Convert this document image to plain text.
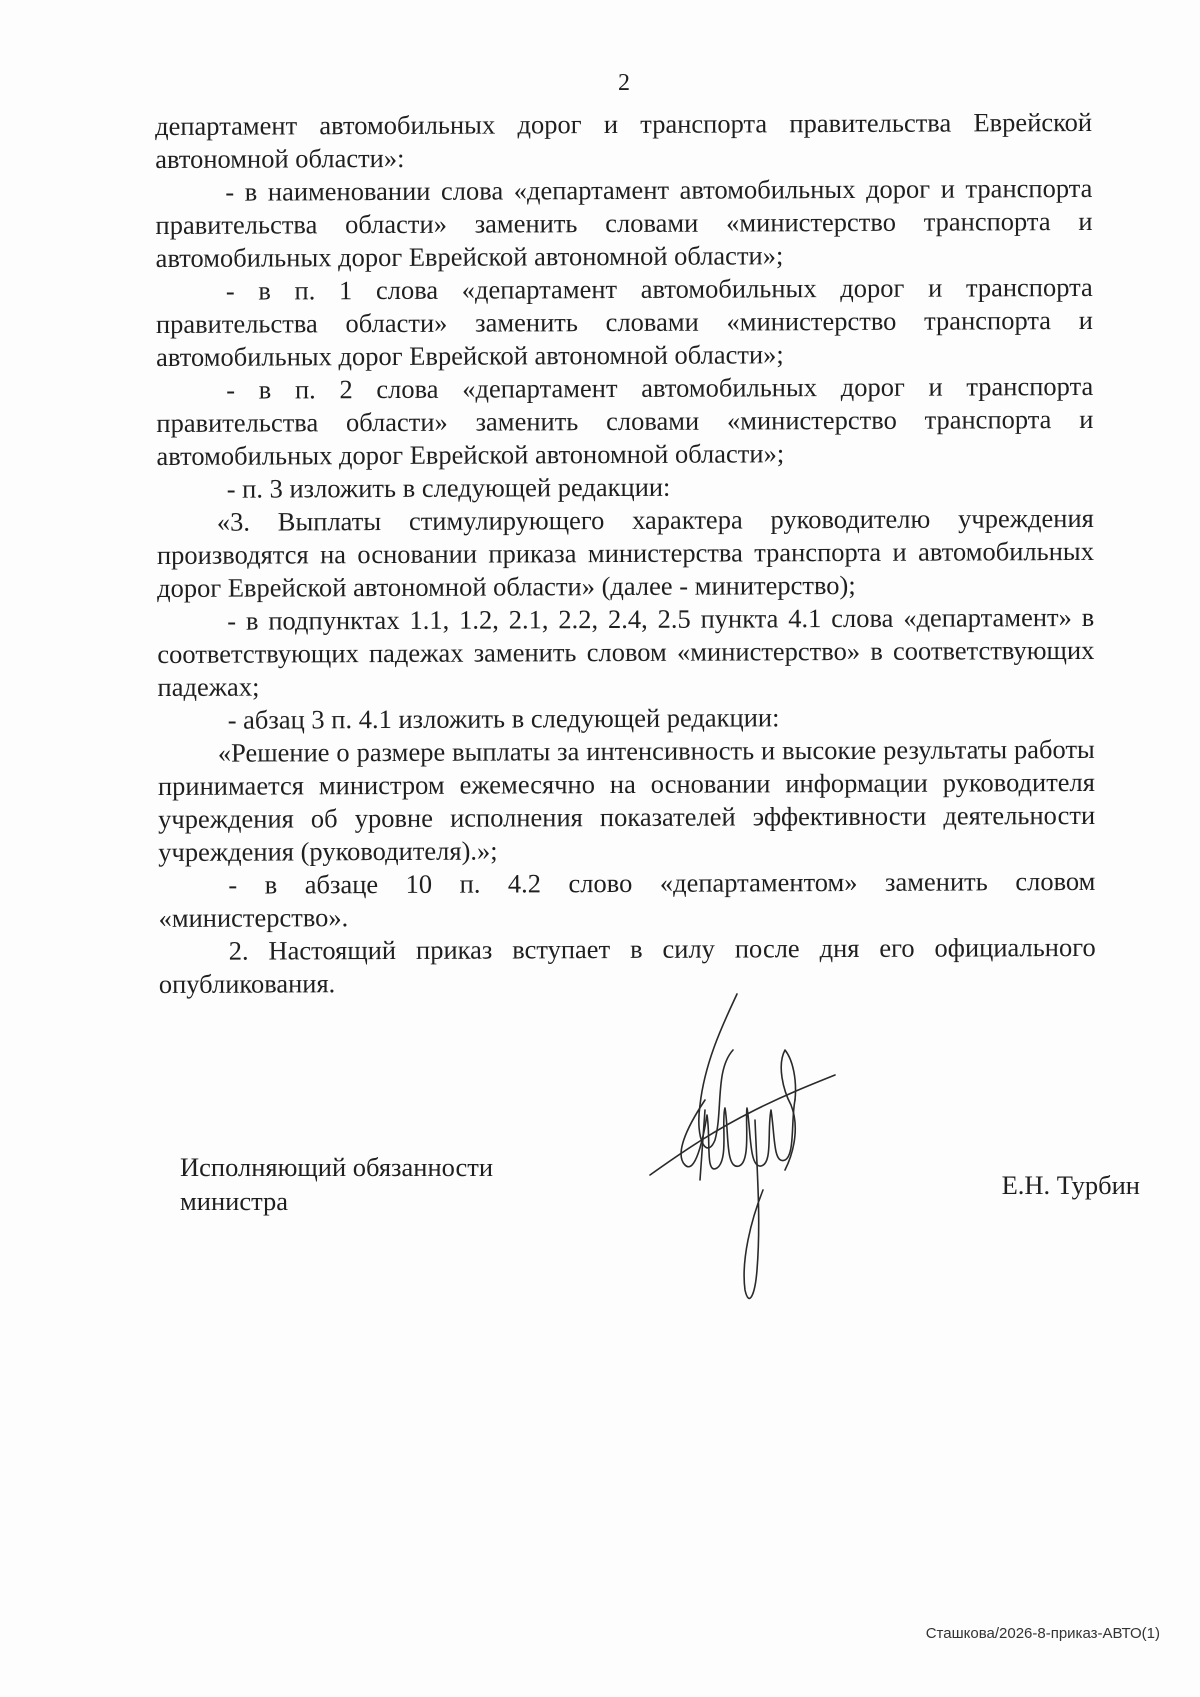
2

департамент автомобильных дорог и транспорта правительства Еврейской автономной области»:

- в наименовании слова «департамент автомобильных дорог и транспорта правительства области» заменить словами «министерство транспорта и автомобильных дорог Еврейской автономной области»;

- в п. 1 слова «департамент автомобильных дорог и транспорта правительства области» заменить словами «министерство транспорта и автомобильных дорог Еврейской автономной области»;

- в п. 2 слова «департамент автомобильных дорог и транспорта правительства области» заменить словами «министерство транспорта и автомобильных дорог Еврейской автономной области»;

- п. 3 изложить в следующей редакции:

«3. Выплаты стимулирующего характера руководителю учреждения производятся на основании приказа министерства транспорта и автомобильных дорог Еврейской автономной области» (далее - минитерство);

- в подпунктах 1.1, 1.2, 2.1, 2.2, 2.4, 2.5 пункта 4.1 слова «департамент» в соответствующих падежах заменить словом «министерство» в соответствующих падежах;

- абзац 3 п. 4.1 изложить в следующей редакции:

«Решение о размере выплаты за интенсивность и высокие результаты работы принимается министром ежемесячно на основании информации руководителя учреждения об уровне исполнения показателей эффективности деятельности учреждения (руководителя).»;

- в абзаце 10 п. 4.2 слово «департаментом» заменить словом «министерство».

2. Настоящий приказ вступает в силу после дня его официального опубликования.

Исполняющий обязанности
министра
Е.Н. Турбин
Сташкова/2026-8-приказ-АВТО(1)
